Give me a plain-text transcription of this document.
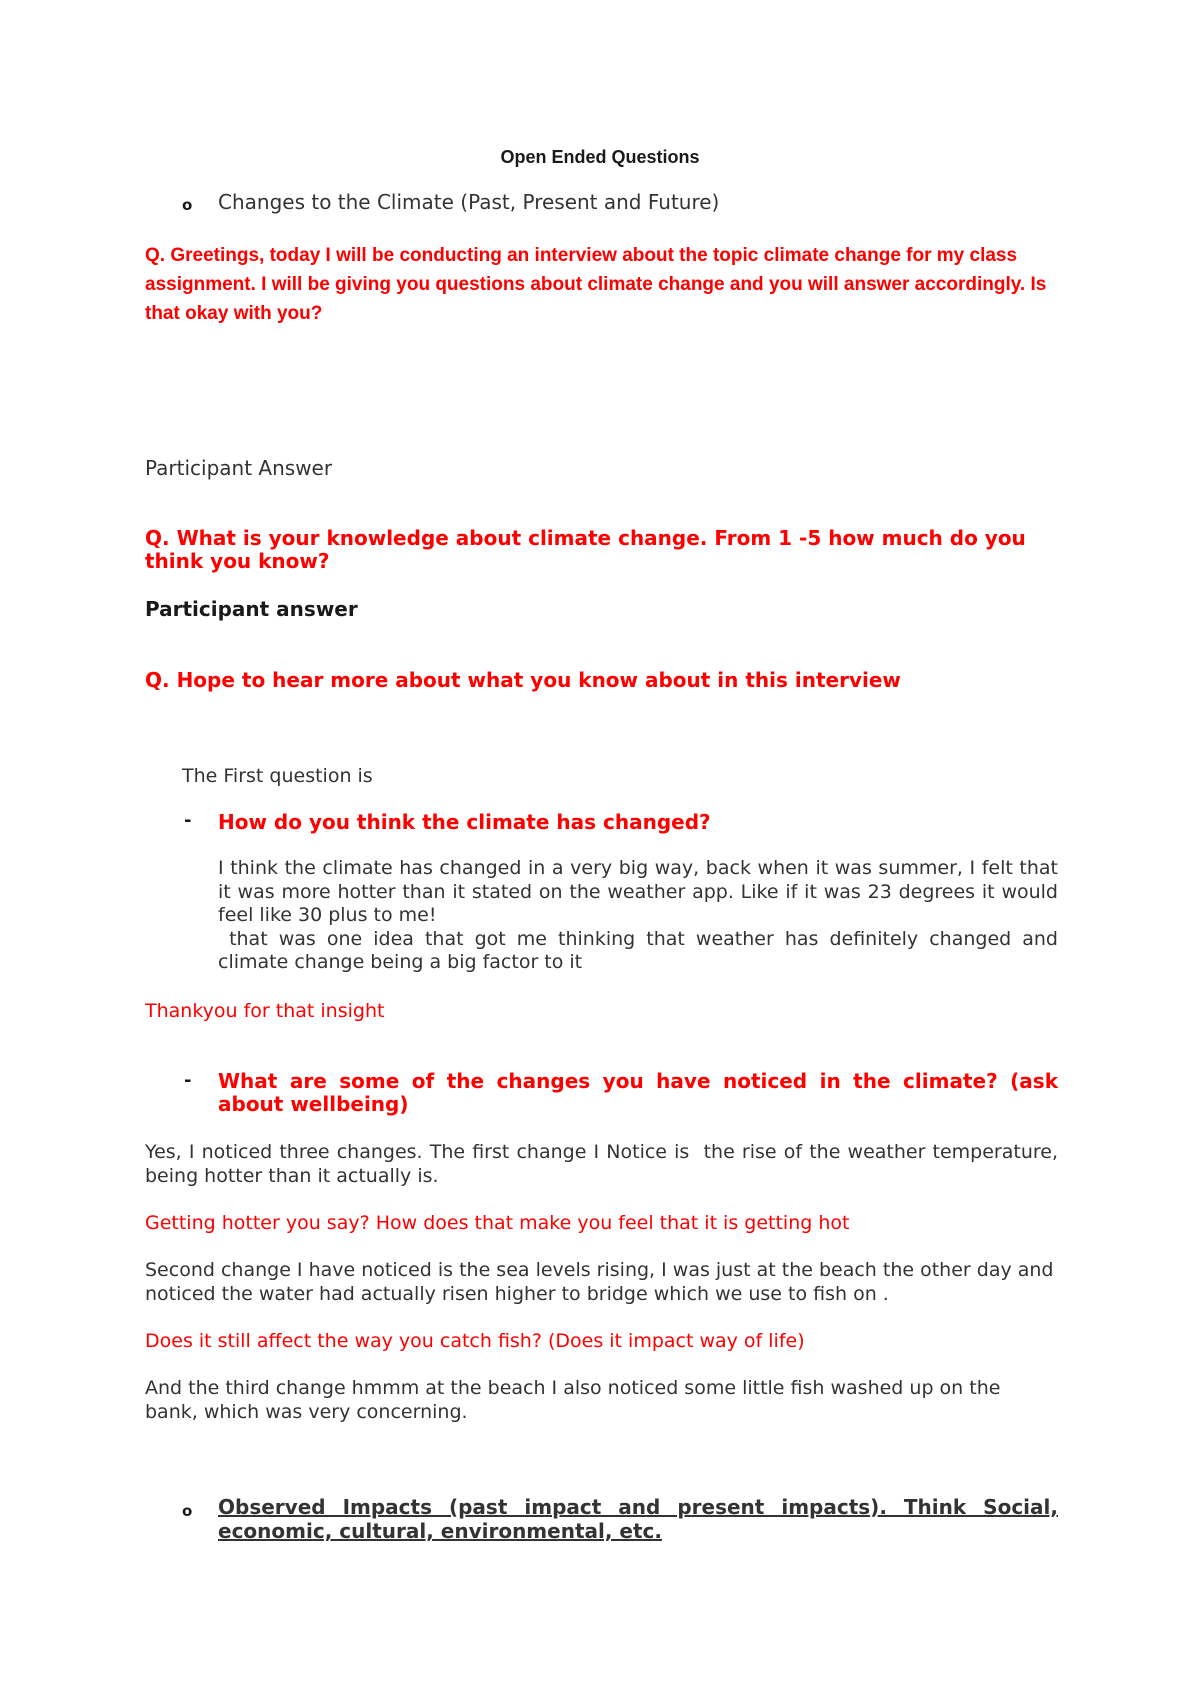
Open Ended Questions

o Changes to the Climate (Past, Present and Future)

Q. Greetings, today I will be conducting an interview about the topic climate change for my class assignment. I will be giving you questions about climate change and you will answer accordingly. Is that okay with you?

Participant Answer

Q. What is your knowledge about climate change. From 1 -5 how much do you think you know?

Participant answer

Q. Hope to hear more about what you know about in this interview

The First question is

- How do you think the climate has changed?

I think the climate has changed in a very big way, back when it was summer, I felt that it was more hotter than it stated on the weather app. Like if it was 23 degrees it would feel like 30 plus to me!
that was one idea that got me thinking that weather has definitely changed and climate change being a big factor to it

Thankyou for that insight

- What are some of the changes you have noticed in the climate? (ask about wellbeing)

Yes, I noticed three changes. The first change I Notice is  the rise of the weather temperature, being hotter than it actually is.

Getting hotter you say? How does that make you feel that it is getting hot

Second change I have noticed is the sea levels rising, I was just at the beach the other day and noticed the water had actually risen higher to bridge which we use to fish on .

Does it still affect the way you catch fish? (Does it impact way of life)

And the third change hmmm at the beach I also noticed some little fish washed up on the bank, which was very concerning.

o Observed Impacts (past impact and present impacts). Think Social, economic, cultural, environmental, etc.
